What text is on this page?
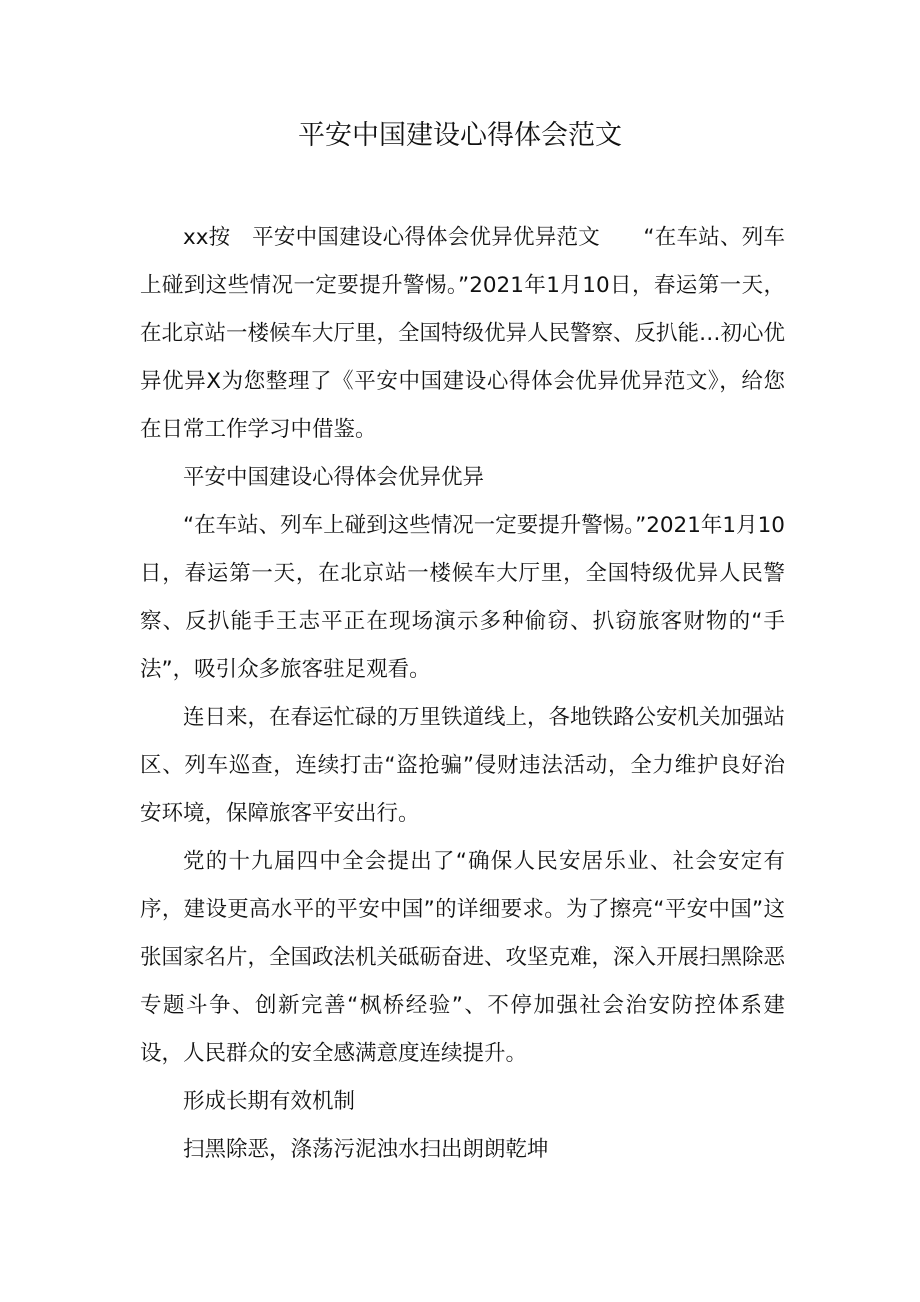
平安中国建设心得体会范文

xx按　平安中国建设心得体会优异优异范文　　“在车站、列车上碰到这些情况一定要提升警惕。”2021年1月10日，春运第一天，在北京站一楼候车大厅里，全国特级优异人民警察、反扒能…初心优异优异X为您整理了《平安中国建设心得体会优异优异范文》，给您在日常工作学习中借鉴。

平安中国建设心得体会优异优异

“在车站、列车上碰到这些情况一定要提升警惕。”2021年1月10日，春运第一天，在北京站一楼候车大厅里，全国特级优异人民警察、反扒能手王志平正在现场演示多种偷窃、扒窃旅客财物的“手法”，吸引众多旅客驻足观看。

连日来，在春运忙碌的万里铁道线上，各地铁路公安机关加强站区、列车巡查，连续打击“盗抢骗”侵财违法活动，全力维护良好治安环境，保障旅客平安出行。

党的十九届四中全会提出了“确保人民安居乐业、社会安定有序，建设更高水平的平安中国”的详细要求。为了擦亮“平安中国”这张国家名片，全国政法机关砥砺奋进、攻坚克难，深入开展扫黑除恶专题斗争、创新完善“枫桥经验”、不停加强社会治安防控体系建设，人民群众的安全感满意度连续提升。

形成长期有效机制

扫黑除恶，涤荡污泥浊水扫出朗朗乾坤
